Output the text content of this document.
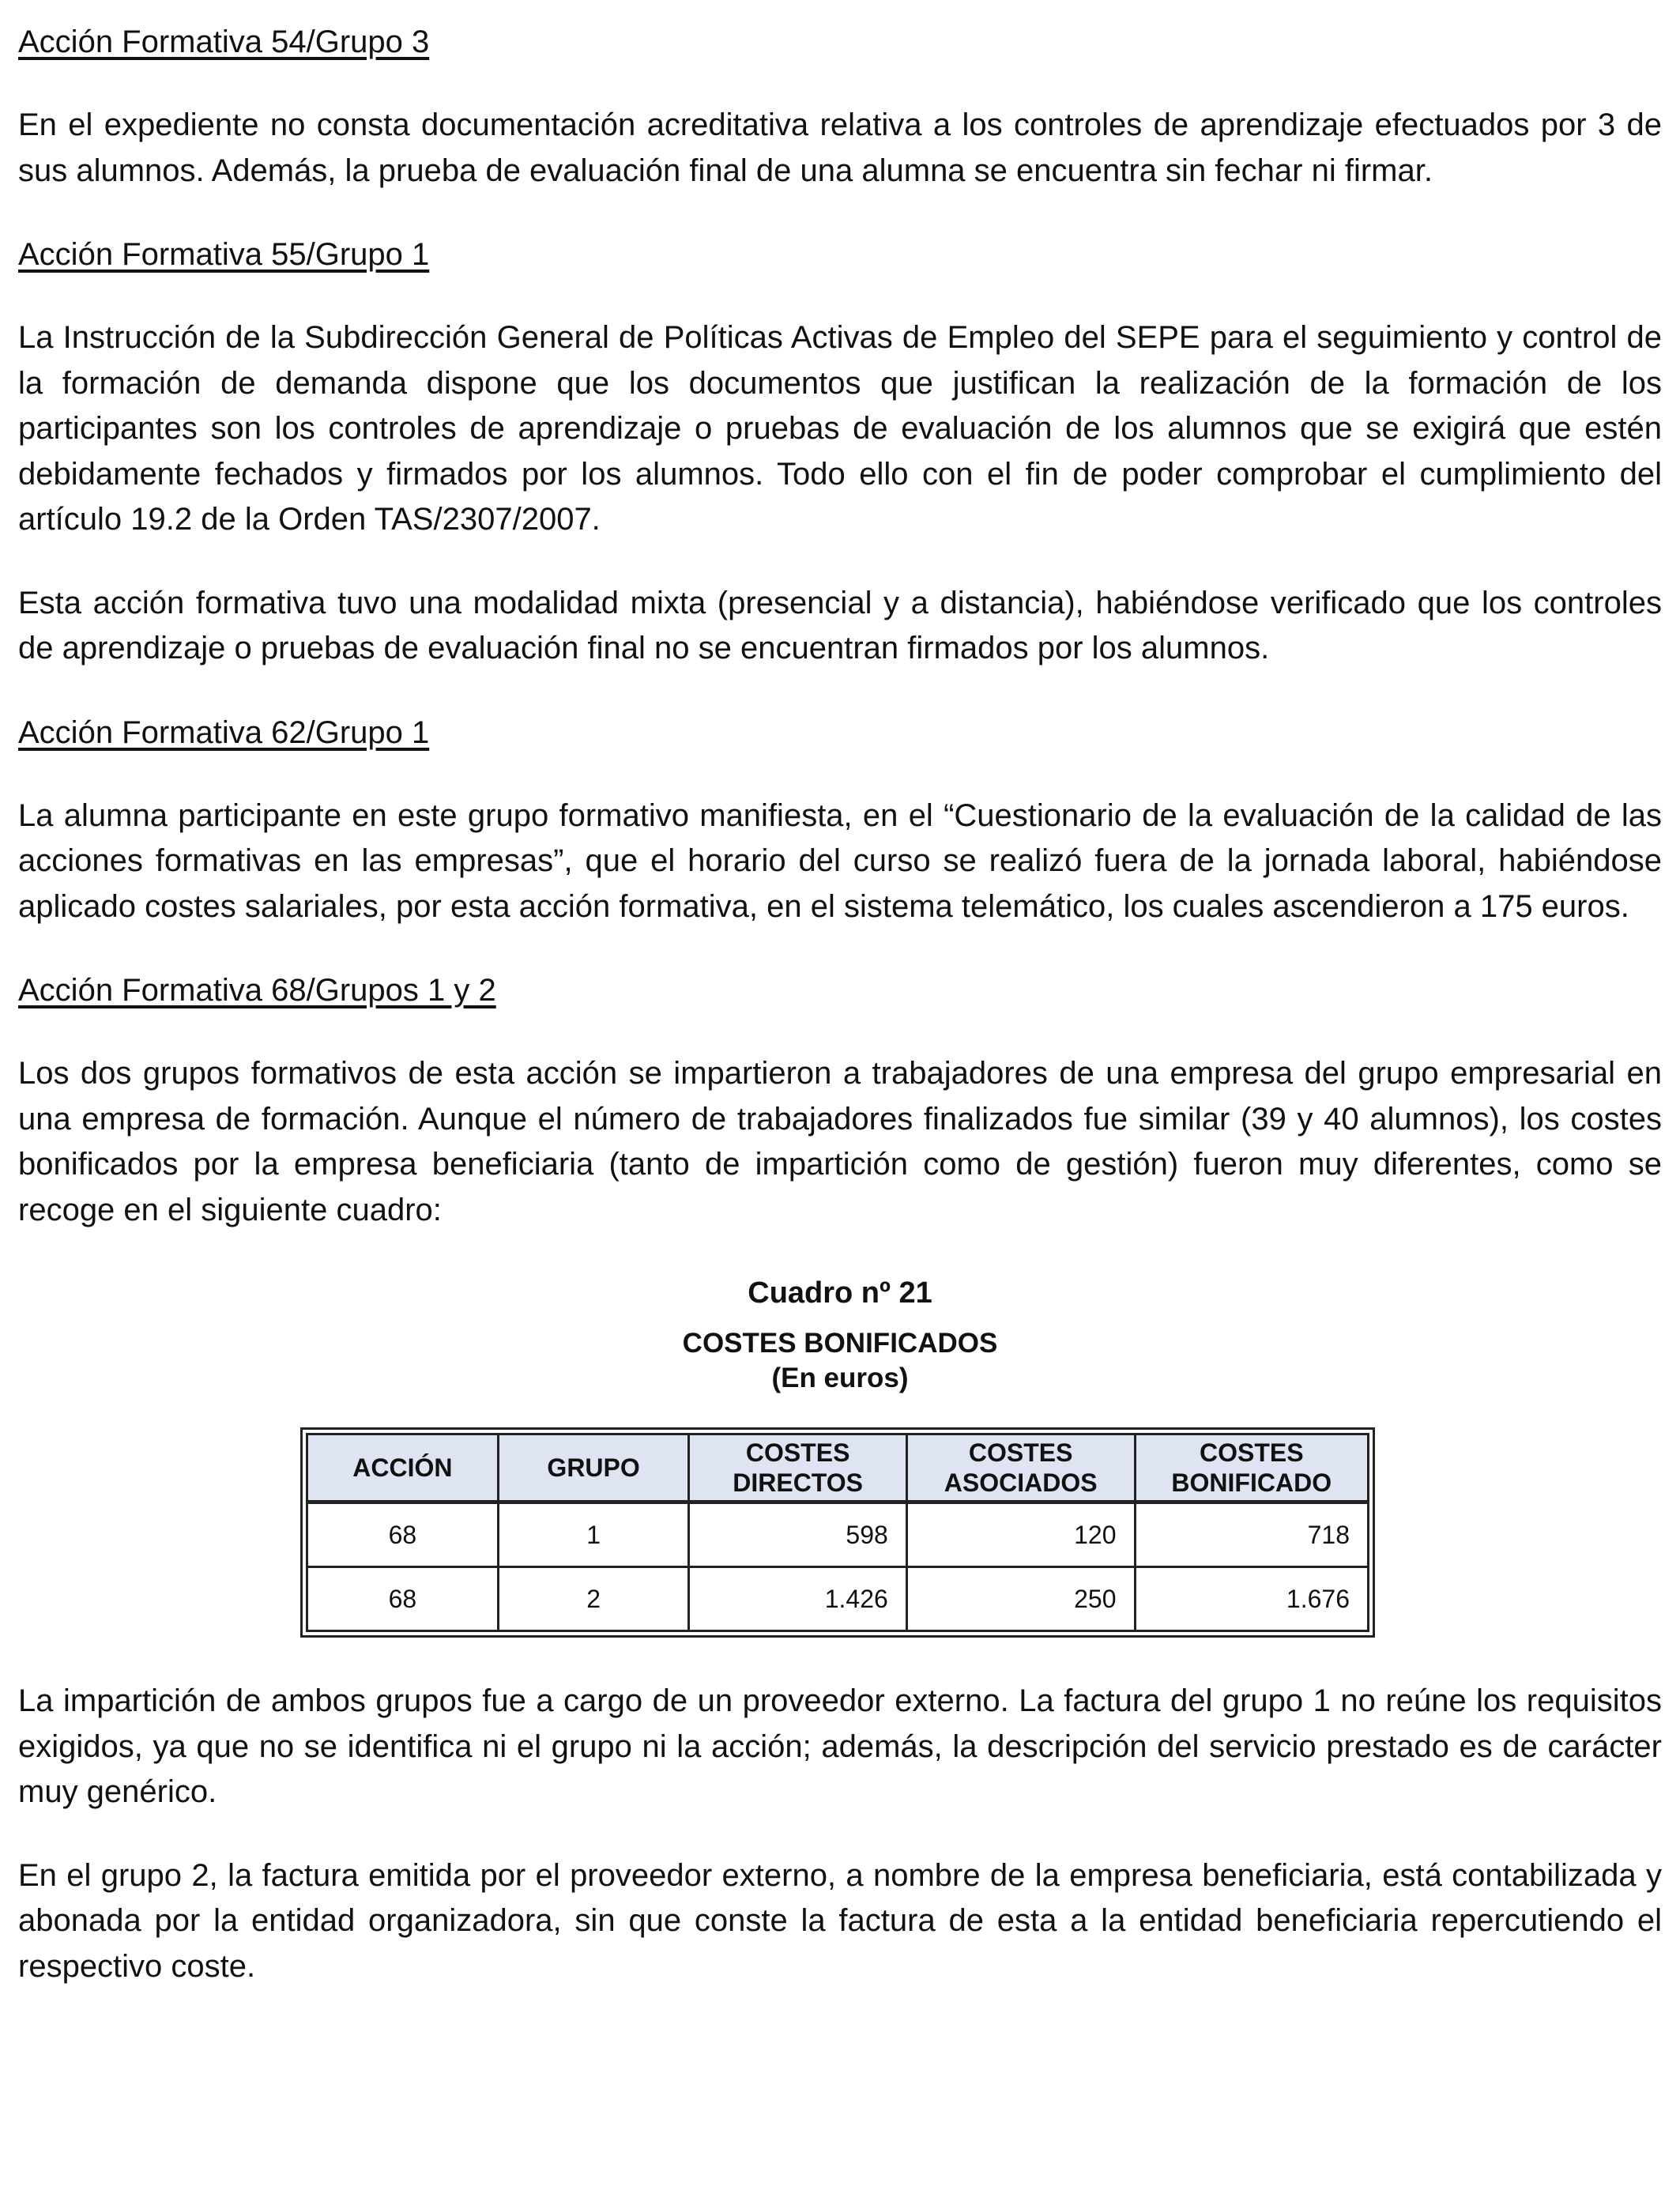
Acción Formativa 54/Grupo 3

En el expediente no consta documentación acreditativa relativa a los controles de aprendizaje efectuados por 3 de sus alumnos. Además, la prueba de evaluación final de una alumna se encuentra sin fechar ni firmar.

Acción Formativa 55/Grupo 1

La Instrucción de la Subdirección General de Políticas Activas de Empleo del SEPE para el seguimiento y control de la formación de demanda dispone que los documentos que justifican la realización de la formación de los participantes son los controles de aprendizaje o pruebas de evaluación de los alumnos que se exigirá que estén debidamente fechados y firmados por los alumnos. Todo ello con el fin de poder comprobar el cumplimiento del artículo 19.2 de la Orden TAS/2307/2007.

Esta acción formativa tuvo una modalidad mixta (presencial y a distancia), habiéndose verificado que los controles de aprendizaje o pruebas de evaluación final no se encuentran firmados por los alumnos.

Acción Formativa 62/Grupo 1

La alumna participante en este grupo formativo manifiesta, en el “Cuestionario de la evaluación de la calidad de las acciones formativas en las empresas”, que el horario del curso se realizó fuera de la jornada laboral, habiéndose aplicado costes salariales, por esta acción formativa, en el sistema telemático, los cuales ascendieron a 175 euros.

Acción Formativa 68/Grupos 1 y 2

Los dos grupos formativos de esta acción se impartieron a trabajadores de una empresa del grupo empresarial en una empresa de formación. Aunque el número de trabajadores finalizados fue similar (39 y 40 alumnos), los costes bonificados por la empresa beneficiaria (tanto de impartición como de gestión) fueron muy diferentes, como se recoge en el siguiente cuadro:

Cuadro nº 21

COSTES BONIFICADOS

(En euros)

ACCIÓN	GRUPO	COSTES DIRECTOS	COSTES ASOCIADOS	COSTES BONIFICADO
68	1	598	120	718
68	2	1.426	250	1.676

La impartición de ambos grupos fue a cargo de un proveedor externo. La factura del grupo 1 no reúne los requisitos exigidos, ya que no se identifica ni el grupo ni la acción; además, la descripción del servicio prestado es de carácter muy genérico.

En el grupo 2, la factura emitida por el proveedor externo, a nombre de la empresa beneficiaria, está contabilizada y abonada por la entidad organizadora, sin que conste la factura de esta a la entidad beneficiaria repercutiendo el respectivo coste.
